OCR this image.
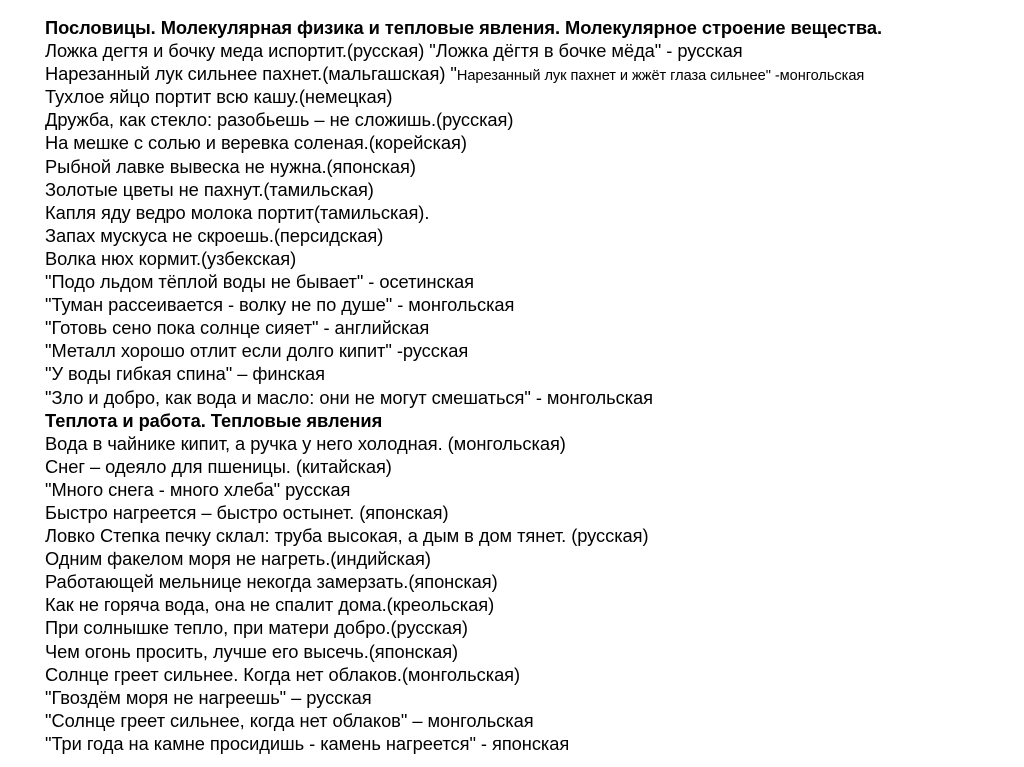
Пословицы. Молекулярная физика и тепловые явления. Молекулярное строение вещества.
Ложка дегтя и бочку меда испортит.(русская) "Ложка дёгтя в бочке мёда" - русская
Нарезанный лук сильнее пахнет.(мальгашская) "Нарезанный лук пахнет и жжёт глаза сильнее" -монгольская
Тухлое яйцо портит всю кашу.(немецкая)
Дружба, как стекло: разобьешь – не сложишь.(русская)
На мешке с солью и веревка соленая.(корейская)
Рыбной лавке вывеска не нужна.(японская)
Золотые цветы не пахнут.(тамильская)
Капля яду ведро молока портит(тамильская).
Запах мускуса не скроешь.(персидская)
Волка нюх кормит.(узбекская)
"Подо льдом тёплой воды не бывает" - осетинская
"Туман рассеивается - волку не по душе" - монгольская
"Готовь сено пока солнце сияет" - английская
"Металл хорошо отлит если долго кипит" -русская
"У воды гибкая спина" – финская
"Зло и добро, как вода и масло: они не могут смешаться" - монгольская
Теплота и работа. Тепловые явления
Вода в чайнике кипит, а ручка у него холодная. (монгольская)
Снег – одеяло для пшеницы. (китайская)
"Много снега - много хлеба" русская
Быстро нагреется – быстро остынет. (японская)
Ловко Степка печку склал: труба высокая, а дым в дом тянет. (русская)
Одним факелом моря не нагреть.(индийская)
Работающей мельнице некогда замерзать.(японская)
Как не горяча вода, она не спалит дома.(креольская)
При солнышке тепло, при матери добро.(русская)
Чем огонь просить, лучше его высечь.(японская)
Солнце греет сильнее. Когда нет облаков.(монгольская)
"Гвоздём моря не нагреешь" – русская
"Солнце греет сильнее, когда нет облаков" – монгольская
"Три года на камне просидишь - камень нагреется" - японская
